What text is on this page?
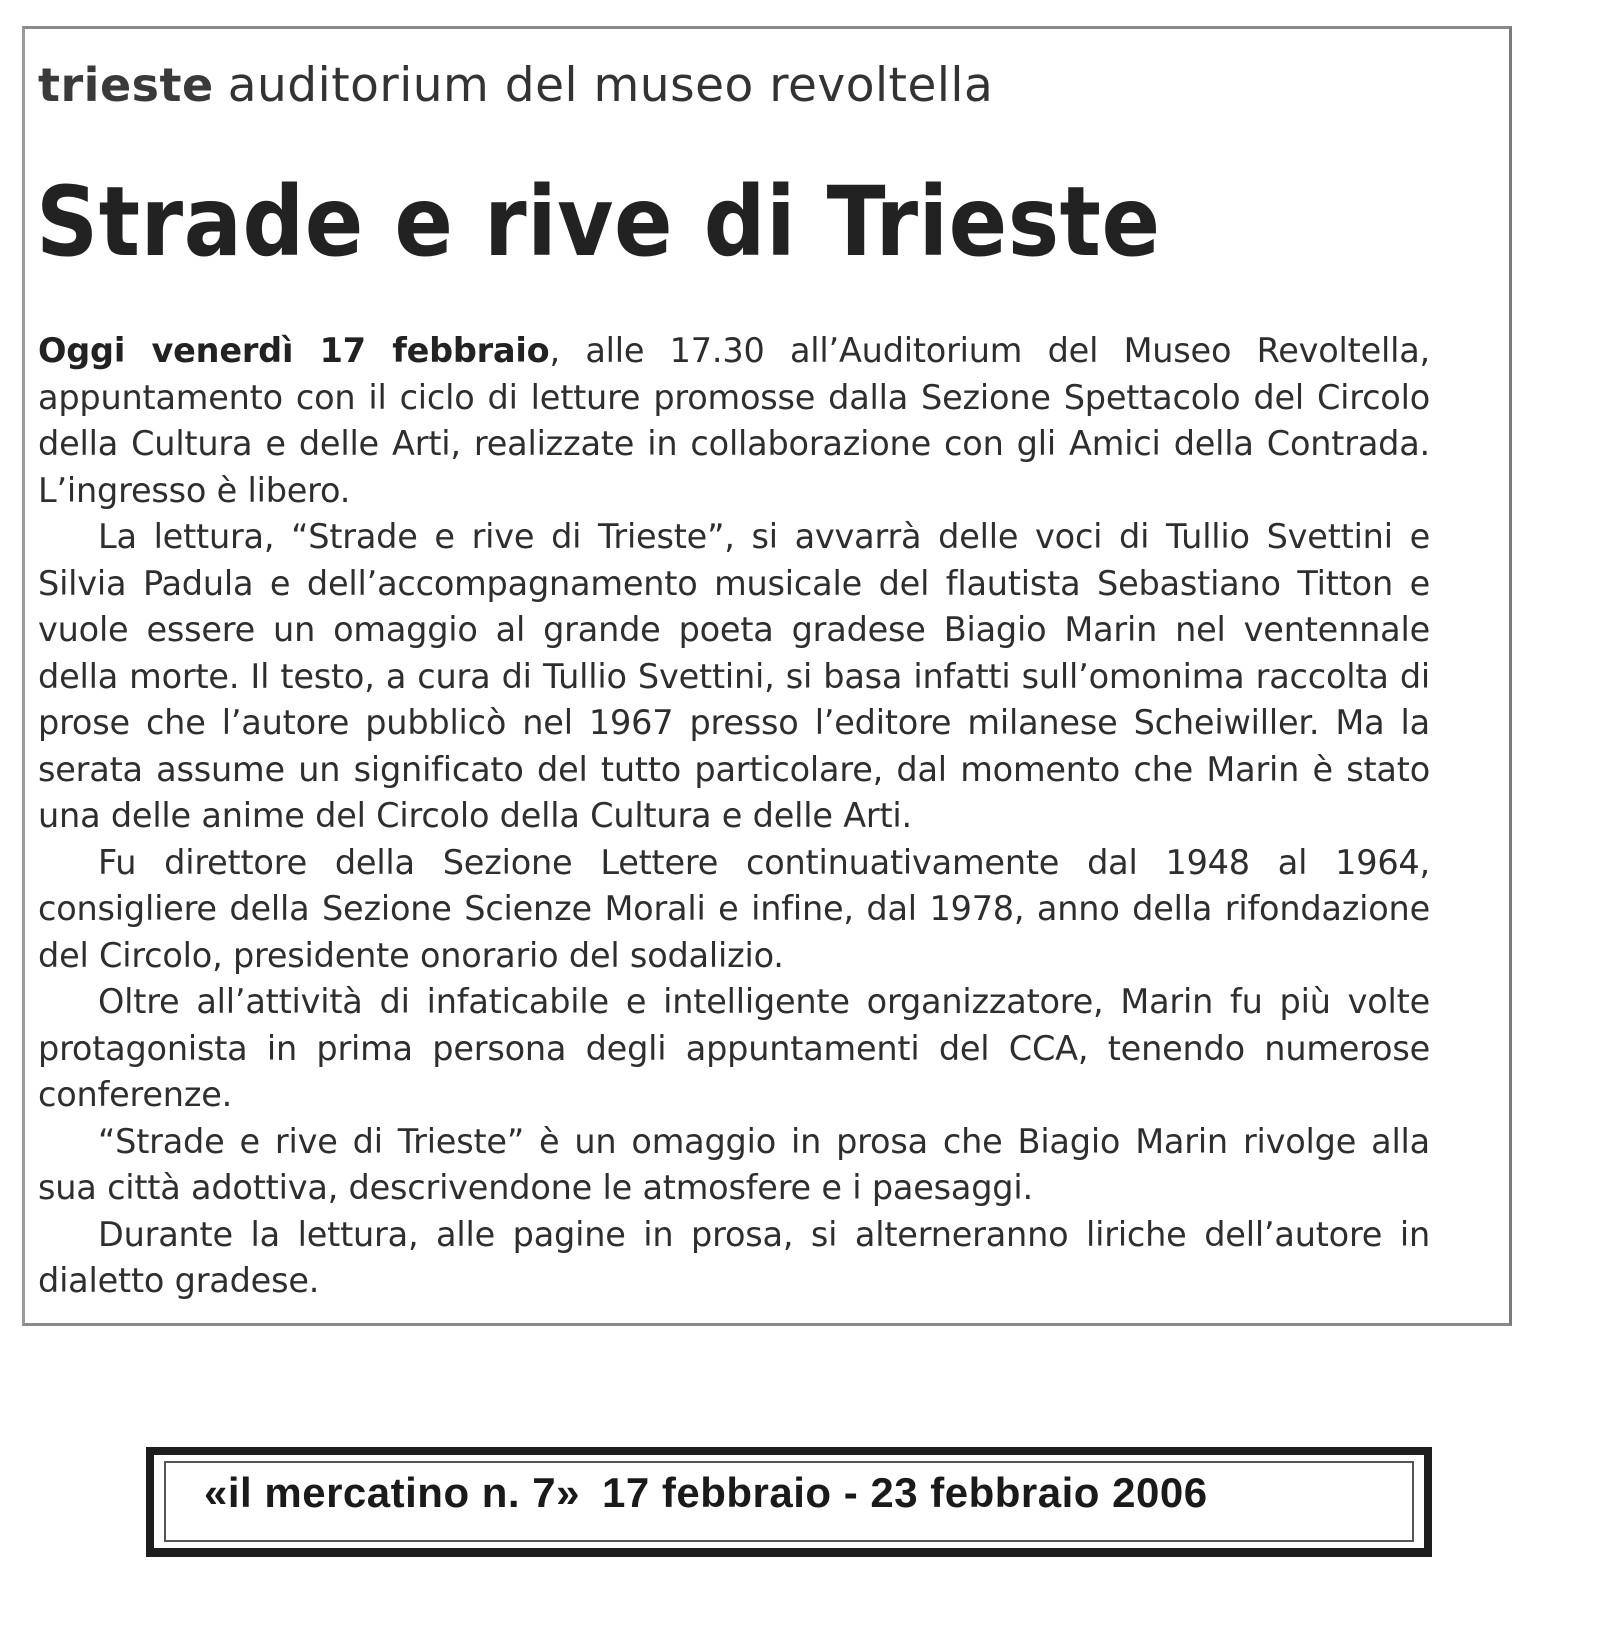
trieste auditorium del museo revoltella
Strade e rive di Trieste

Oggi venerdì 17 febbraio, alle 17.30 all’Auditorium del Museo Revoltella, appuntamento con il ciclo di letture promosse dalla Sezione Spettacolo del Circolo della Cultura e delle Arti, realizzate in collaborazione con gli Amici della Contrada. L’ingresso è libero.

La lettura, “Strade e rive di Trieste”, si avvarrà delle voci di Tullio Svettini e Silvia Padula e dell’accompagnamento musicale del flautista Sebastiano Titton e vuole essere un omaggio al grande poeta gradese Biagio Marin nel ventennale della morte. Il testo, a cura di Tullio Svettini, si basa infatti sull’omonima raccolta di prose che l’autore pubblicò nel 1967 presso l’editore milanese Scheiwiller. Ma la serata assume un significato del tutto particolare, dal momento che Marin è stato una delle anime del Circolo della Cultura e delle Arti.

Fu direttore della Sezione Lettere continuativamente dal 1948 al 1964, consigliere della Sezione Scienze Morali e infine, dal 1978, anno della rifondazione del Circolo, presidente onorario del sodalizio.

Oltre all’attività di infaticabile e intelligente organizzatore, Marin fu più volte protagonista in prima persona degli appuntamenti del CCA, tenendo numerose conferenze.

“Strade e rive di Trieste” è un omaggio in prosa che Biagio Marin rivolge alla sua città adottiva, descrivendone le atmosfere e i paesaggi.

Durante la lettura, alle pagine in prosa, si alterneranno liriche dell’autore in dialetto gradese.

«il mercatino n. 7» 17 febbraio - 23 febbraio 2006
